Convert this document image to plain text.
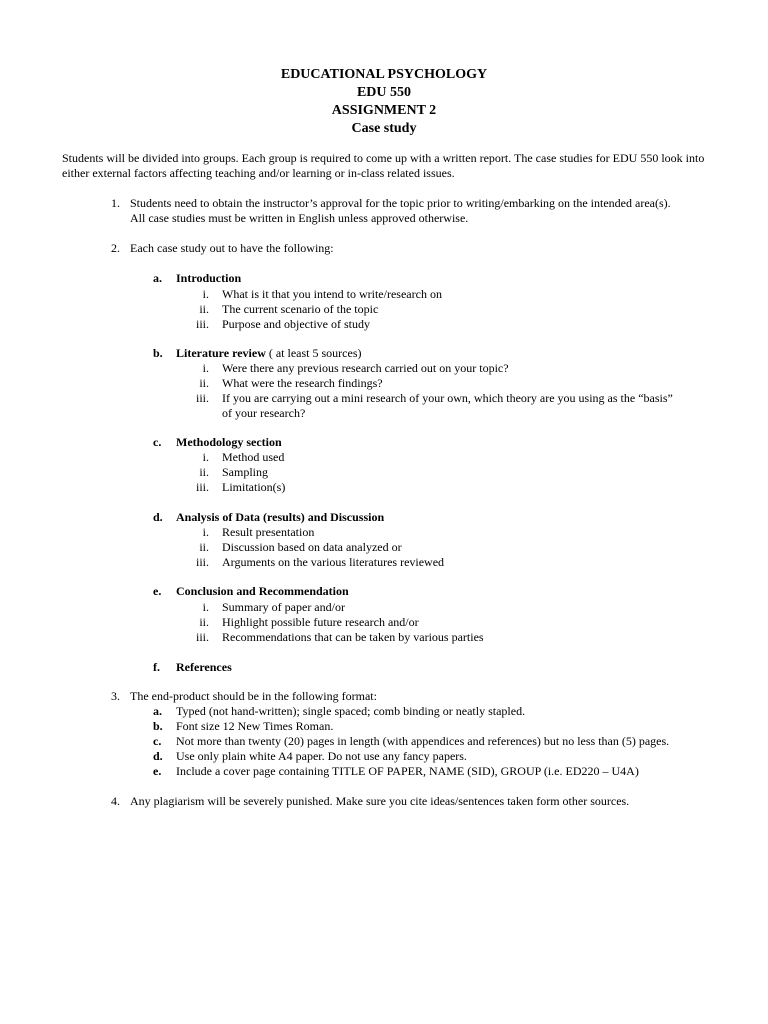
EDUCATIONAL PSYCHOLOGY
EDU 550
ASSIGNMENT 2
Case study
Students will be divided into groups. Each group is required to come up with a written report. The case studies for EDU 550 look into either external factors affecting teaching and/or learning or in-class related issues.
1. Students need to obtain the instructor’s approval for the topic prior to writing/embarking on the intended area(s).
All case studies must be written in English unless approved otherwise.
2. Each case study out to have the following:
a. Introduction
i. What is it that you intend to write/research on
ii. The current scenario of the topic
iii. Purpose and objective of study
b. Literature review ( at least 5 sources)
i. Were there any previous research carried out on your topic?
ii. What were the research findings?
iii. If you are carrying out a mini research of your own, which theory are you using as the “basis”
of your research?
c. Methodology section
i. Method used
ii. Sampling
iii. Limitation(s)
d. Analysis of Data (results) and Discussion
i. Result presentation
ii. Discussion based on data analyzed or
iii. Arguments on the various literatures reviewed
e. Conclusion and Recommendation
i. Summary of paper and/or
ii. Highlight possible future research and/or
iii. Recommendations that can be taken by various parties
f. References
3. The end-product should be in the following format:
a. Typed (not hand-written); single spaced; comb binding or neatly stapled.
b. Font size 12 New Times Roman.
c. Not more than twenty (20) pages in length (with appendices and references) but no less than (5) pages.
d. Use only plain white A4 paper. Do not use any fancy papers.
e. Include a cover page containing TITLE OF PAPER, NAME (SID), GROUP (i.e. ED220 – U4A)
4. Any plagiarism will be severely punished. Make sure you cite ideas/sentences taken form other sources.
